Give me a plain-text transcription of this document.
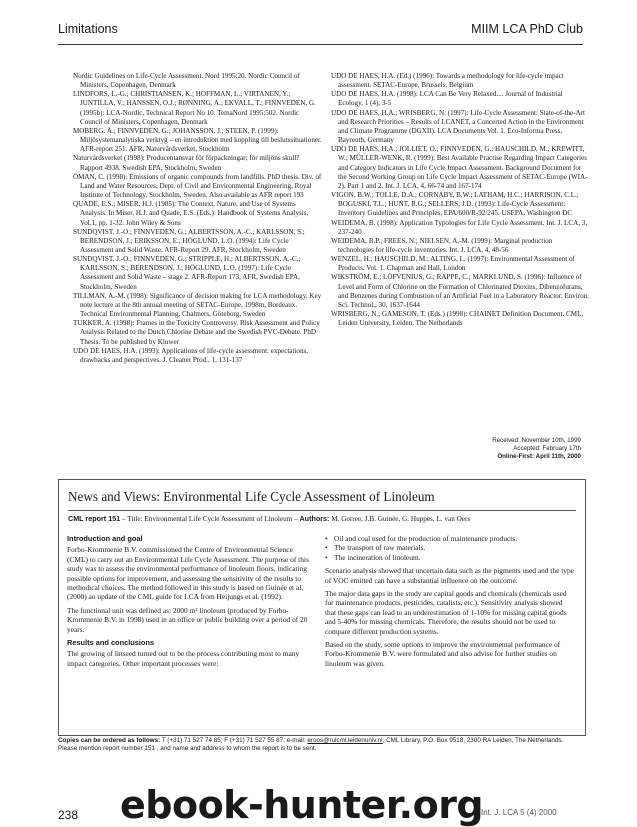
Limitations	MIIM LCA PhD Club

Nordic Guidelines on Life-Cycle Assessment. Nord 1995:20. Nordic Council of Ministers, Copenhagen, Denmark

LINDFORS, L.-G.; CHRISTIANSEN, K.; HOFFMAN, L.; VIRTANEN, Y.; JUNTILLA, V.; HANSSEN, O.J.; RØNNING, A.; EKVALL, T.; FINNVEDEN, G. (1995b): LCA-Nordic, Technical Report No 10. TemaNord 1995:502. Nordic Council of Ministers, Copenhagen, Denmark

MOBERG, Å.; FINNVEDEN, G.; JOHANSSON, J.; STEEN, P. (1999): Miljösystemanalytiska verktyg – en introduktion med koppling till beslutssituationer. AFR-report 251. AFR, Naturvårdsverket, Stockholm

Naturvårdsverket (1998): Producentansvar för förpackningar; för miljöns skull? Rapport 4938. Swedish EPA, Stockholm, Sweden

ÖMAN, C. (1998): Emissions of organic compounds from landfills. PhD thesis. Div. of Land and Water Resources, Dept. of Civil and Environmental Engineering, Royal Institute of Technology, Stockholm, Sweden. Also available as AFR report 193

QUADE, E.S.; MISER, H.J. (1985): The Context, Nature, and Use of Systems Analysis. In Miser, H.J. and Quade, E.S. (Eds.): Handbook of Systems Analysis, Vol.1, pp. 1-32. John Wiley & Sons

SUNDQVIST, J.-O.; FINNVEDEN, G.; ALBERTSSON, A.-C.; KARLSSON, S.; BERENDSON, J.; ERIKSSON, E.; HÖGLUND, L.O. (1994): Life Cycle Assessment and Solid Waste. AFR-Report 29. AFR, Stockholm, Sweden

SUNDQVIST, J.-O.; FINNVEDEN, G.; STRIPPLE, H.; ALBERTSSON, A.-C.; KARLSSON, S.; BERENDSON, J.; HÖGLUND, L.O. (1997): Life Cycle Assessment and Solid Waste – stage 2. AFR-Report 173, AFR, Swedish EPA, Stockholm, Sweden

TILLMAN, A.-M. (1998): Significance of decision making for LCA methodology. Key note lecture at the 8th annual meeting of SETAC-Europe, 1998m, Bordeaux. Technical Environmental Planning, Chalmers, Göteborg, Sweden

TUKKER, A. (1998): Frames in the Toxicity Controversy. Risk Assessment and Policy Analysis Related to the Dutch Chlorine Debate and the Swedish PVC-Debate. PhD Thesis. To be published by Kluwer

UDO DE HAES, H.A. (1993): Applications of life-cycle assessment: expectations, drawbacks and perspectives. J. Cleaner Prod., 1, 131-137

UDO DE HAES, H.A. (Ed.) (1996): Towards a methodology for life-cycle impact assessment. SETAC-Europe, Brussels, Belgium

UDO DE HAES, H.A. (1998): LCA Can Be Very Relaxed.... Journal of Industrial Ecology, 1 (4), 3-5

UDO DE HAES, H.A.; WRISBERG, N. (1997): Life-Cycle Assessment: State-of-the-Art and Research Priorities – Results of LCANET, a Concerted Action in the Environment and Climate Programme (DGXII). LCA Documents Vol. 1. Eco-Informa Press, Bayreuth, Germany

UDO DE HAES, H.A.; JOLLIET, O.; FINNVEDEN, G.; HAUSCHILD, M.; KREWITT, W.; MÜLLER-WENK, R. (1999): Best Available Practise Regarding Impact Categories and Category Indicators in Life Cycle Impact Assessment. Background Document for the Second Working Group on Life Cycle Impact Assessment of SETAC-Europe (WIA-2). Part 1 and 2. Int. J. LCA, 4, 66-74 and 167-174

VIGON, B.W.; TOLLE, D.A.; CORNABY, B.W.; LATHAM, H.C.; HARRISON, C.L.; BOGUSKI, T.L.; HUNT, R.G.; SELLERS, J.D. (1993): Life-Cycle Assessment: Inventory Guidelines and Principles, EPA/600/R-92/245. USEPA, Washington DC

WEIDEMA, B. (1998): Application Typologies for Life Cycle Assessment. Int. J. LCA, 3, 237-240

WEIDEMA, B.P.; FREES, N.; NIELSEN, A.-M. (1999): Marginal production technologies for life-cycle inventories. Int. J. LCA, 4, 48-56

WENZEL, H.; HAUSCHILD, M.; ALTING, L. (1997): Environmental Assessment of Products. Vol. 1. Chapman and Hall, London

WIKSTRÖM, E.; LÖFVENIUS, G.; RAPPE, C.; MARKLUND, S. (1996): Influence of Level and Form of Chlorine on the Formation of Chlorinated Dioxins, Dibenzofurans, and Benzenes during Combustion of an Artificial Fuel in a Laboratory Reactor. Environ. Sci. Technol., 30, 1637-1644

WRISBERG, N.; GAMESON, T. (Eds.) (1998): CHAINET Definition Document. CML, Leiden University, Leiden, The Netherlands

Received: November 10th, 1999
Accepted: February 17th
Online-First: April 11th, 2000
News and Views: Environmental Life Cycle Assessment of Linoleum
CML report 151 – Title: Environmental Life Cycle Assessment of Linoleum – Authors: M. Gorree, J.B. Guinée, G. Huppes, L. van Oers
Introduction and goal

Forbo-Krommenie B.V. commissioned the Centre of Environmental Science (CML) to carry out an Environmental Life Cycle Assessment. The purpose of this study was to assess the environmental performance of linoleum floors, indicating possible options for improvement, and assessing the sensitivity of the results to methodical choices. The method followed in this study is based on Guinée et al. (2000) an update of the CML guide for LCA from Heijungs et al. (1992).

The functional unit was defined as: 2000 m² linoleum (produced by Forbo-Krommenie B.V. in 1998) used in an office or public building over a period of 20 years.

Results and conclusions

The growing of linseed turned out to be the process contributing most to many impact categories. Other important processes were:

• Oil and coal used for the production of maintenance products.
• The transport of raw materials.
• The incineration of linoleum.

Scenario analysis showed that uncertain data such as the pigments used and the type of VOC emitted can have a substantial influence on the outcome.

The major data gaps in the study are capital goods and chemicals (chemicals used for maintenance products, pesticides, catalists, etc.). Sensitivity analysis showed that these gaps can lead to an underestimation of 1-10% for missing capital goods and 5-40% for missing chemicals. Therefore, the results should not be used to compare different production systems.

Based on the study, some options to improve the environmental performance of Forbo-Krommenie B.V. were formulated and also advise for further studies on linoleum was given.

Copies can be ordered as follows: T (+31) 71 527 74 85; F (+31) 71 527 55 87; e-mail: eroos@rulcml.leidenuniv.nl; CML Library, P.O. Box 9518, 2300 RA Leiden, The Netherlands. Please mention report number 151 , and name and address to whom the report is to be sent.
238	Int. J. LCA 5 (4) 2000
ebook-hunter.org
